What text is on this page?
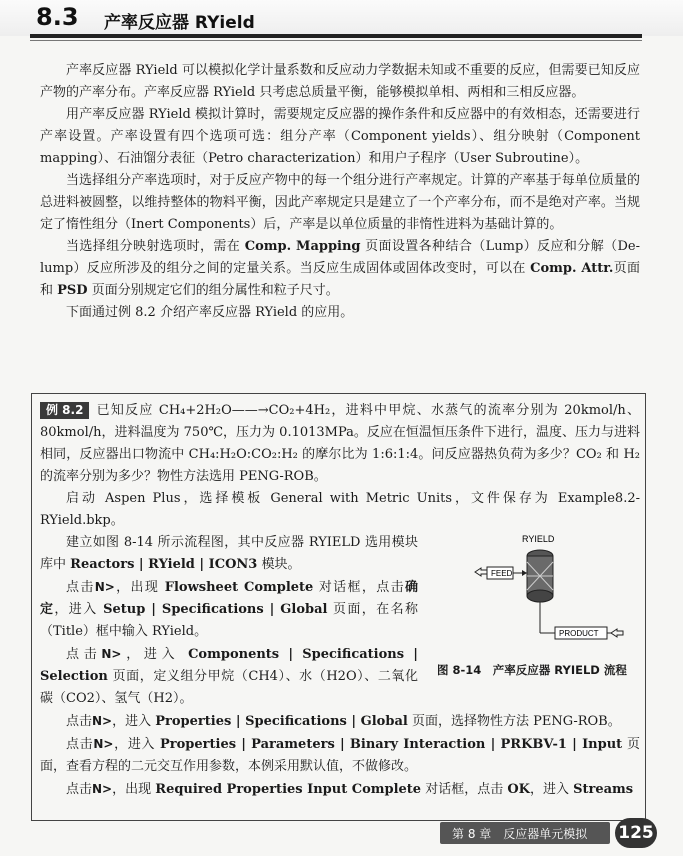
8.3 产率反应器 RYield

产率反应器 RYield 可以模拟化学计量系数和反应动力学数据未知或不重要的反应，但需要已知反应产物的产率分布。产率反应器 RYield 只考虑总质量平衡，能够模拟单相、两相和三相反应器。

用产率反应器 RYield 模拟计算时，需要规定反应器的操作条件和反应器中的有效相态，还需要进行产率设置。产率设置有四个选项可选：组分产率（Component yields）、组分映射（Component mapping）、石油馏分表征（Petro characterization）和用户子程序（User Subroutine）。

当选择组分产率选项时，对于反应产物中的每一个组分进行产率规定。计算的产率基于每单位质量的总进料被圆整，以维持整体的物料平衡，因此产率规定只是建立了一个产率分布，而不是绝对产率。当规定了惰性组分（Inert Components）后，产率是以单位质量的非惰性进料为基础计算的。

当选择组分映射选项时，需在 Comp. Mapping 页面设置各种结合（Lump）反应和分解（De-lump）反应所涉及的组分之间的定量关系。当反应生成固体或固体改变时，可以在 Comp. Attr.页面和 PSD 页面分别规定它们的组分属性和粒子尺寸。

下面通过例 8.2 介绍产率反应器 RYield 的应用。

例 8.2 已知反应 CH₄+2H₂O——→CO₂+4H₂，进料中甲烷、水蒸气的流率分别为 20kmol/h、80kmol/h，进料温度为 750℃，压力为 0.1013MPa。反应在恒温恒压条件下进行，温度、压力与进料相同，反应器出口物流中 CH₄:H₂O:CO₂:H₂ 的摩尔比为 1:6:1:4。问反应器热负荷为多少？CO₂ 和 H₂ 的流率分别为多少？物性方法选用 PENG-ROB。

启动 Aspen Plus，选择模板 General with Metric Units，文件保存为 Example8.2-RYield.bkp。

建立如图 8-14 所示流程图，其中反应器 RYIELD 选用模块库中 Reactors | RYield | ICON3 模块。

点击N>，出现 Flowsheet Complete 对话框，点击确定，进入 Setup | Specifications | Global 页面，在名称（Title）框中输入 RYield。

点击N>，进入 Components | Specifications | Selection 页面，定义组分甲烷（CH4）、水（H2O）、二氧化碳（CO2）、氢气（H2）。

点击N>，进入 Properties | Specifications | Global 页面，选择物性方法 PENG-ROB。

点击N>，进入 Properties | Parameters | Binary Interaction | PRKBV-1 | Input 页面，查看方程的二元交互作用参数，本例采用默认值，不做修改。

点击N>，出现 Required Properties Input Complete 对话框，点击 OK，进入 Streams

RYIELD
FEED
PRODUCT
图 8-14　产率反应器 RYIELD 流程
第 8 章　反应器单元模拟 125
